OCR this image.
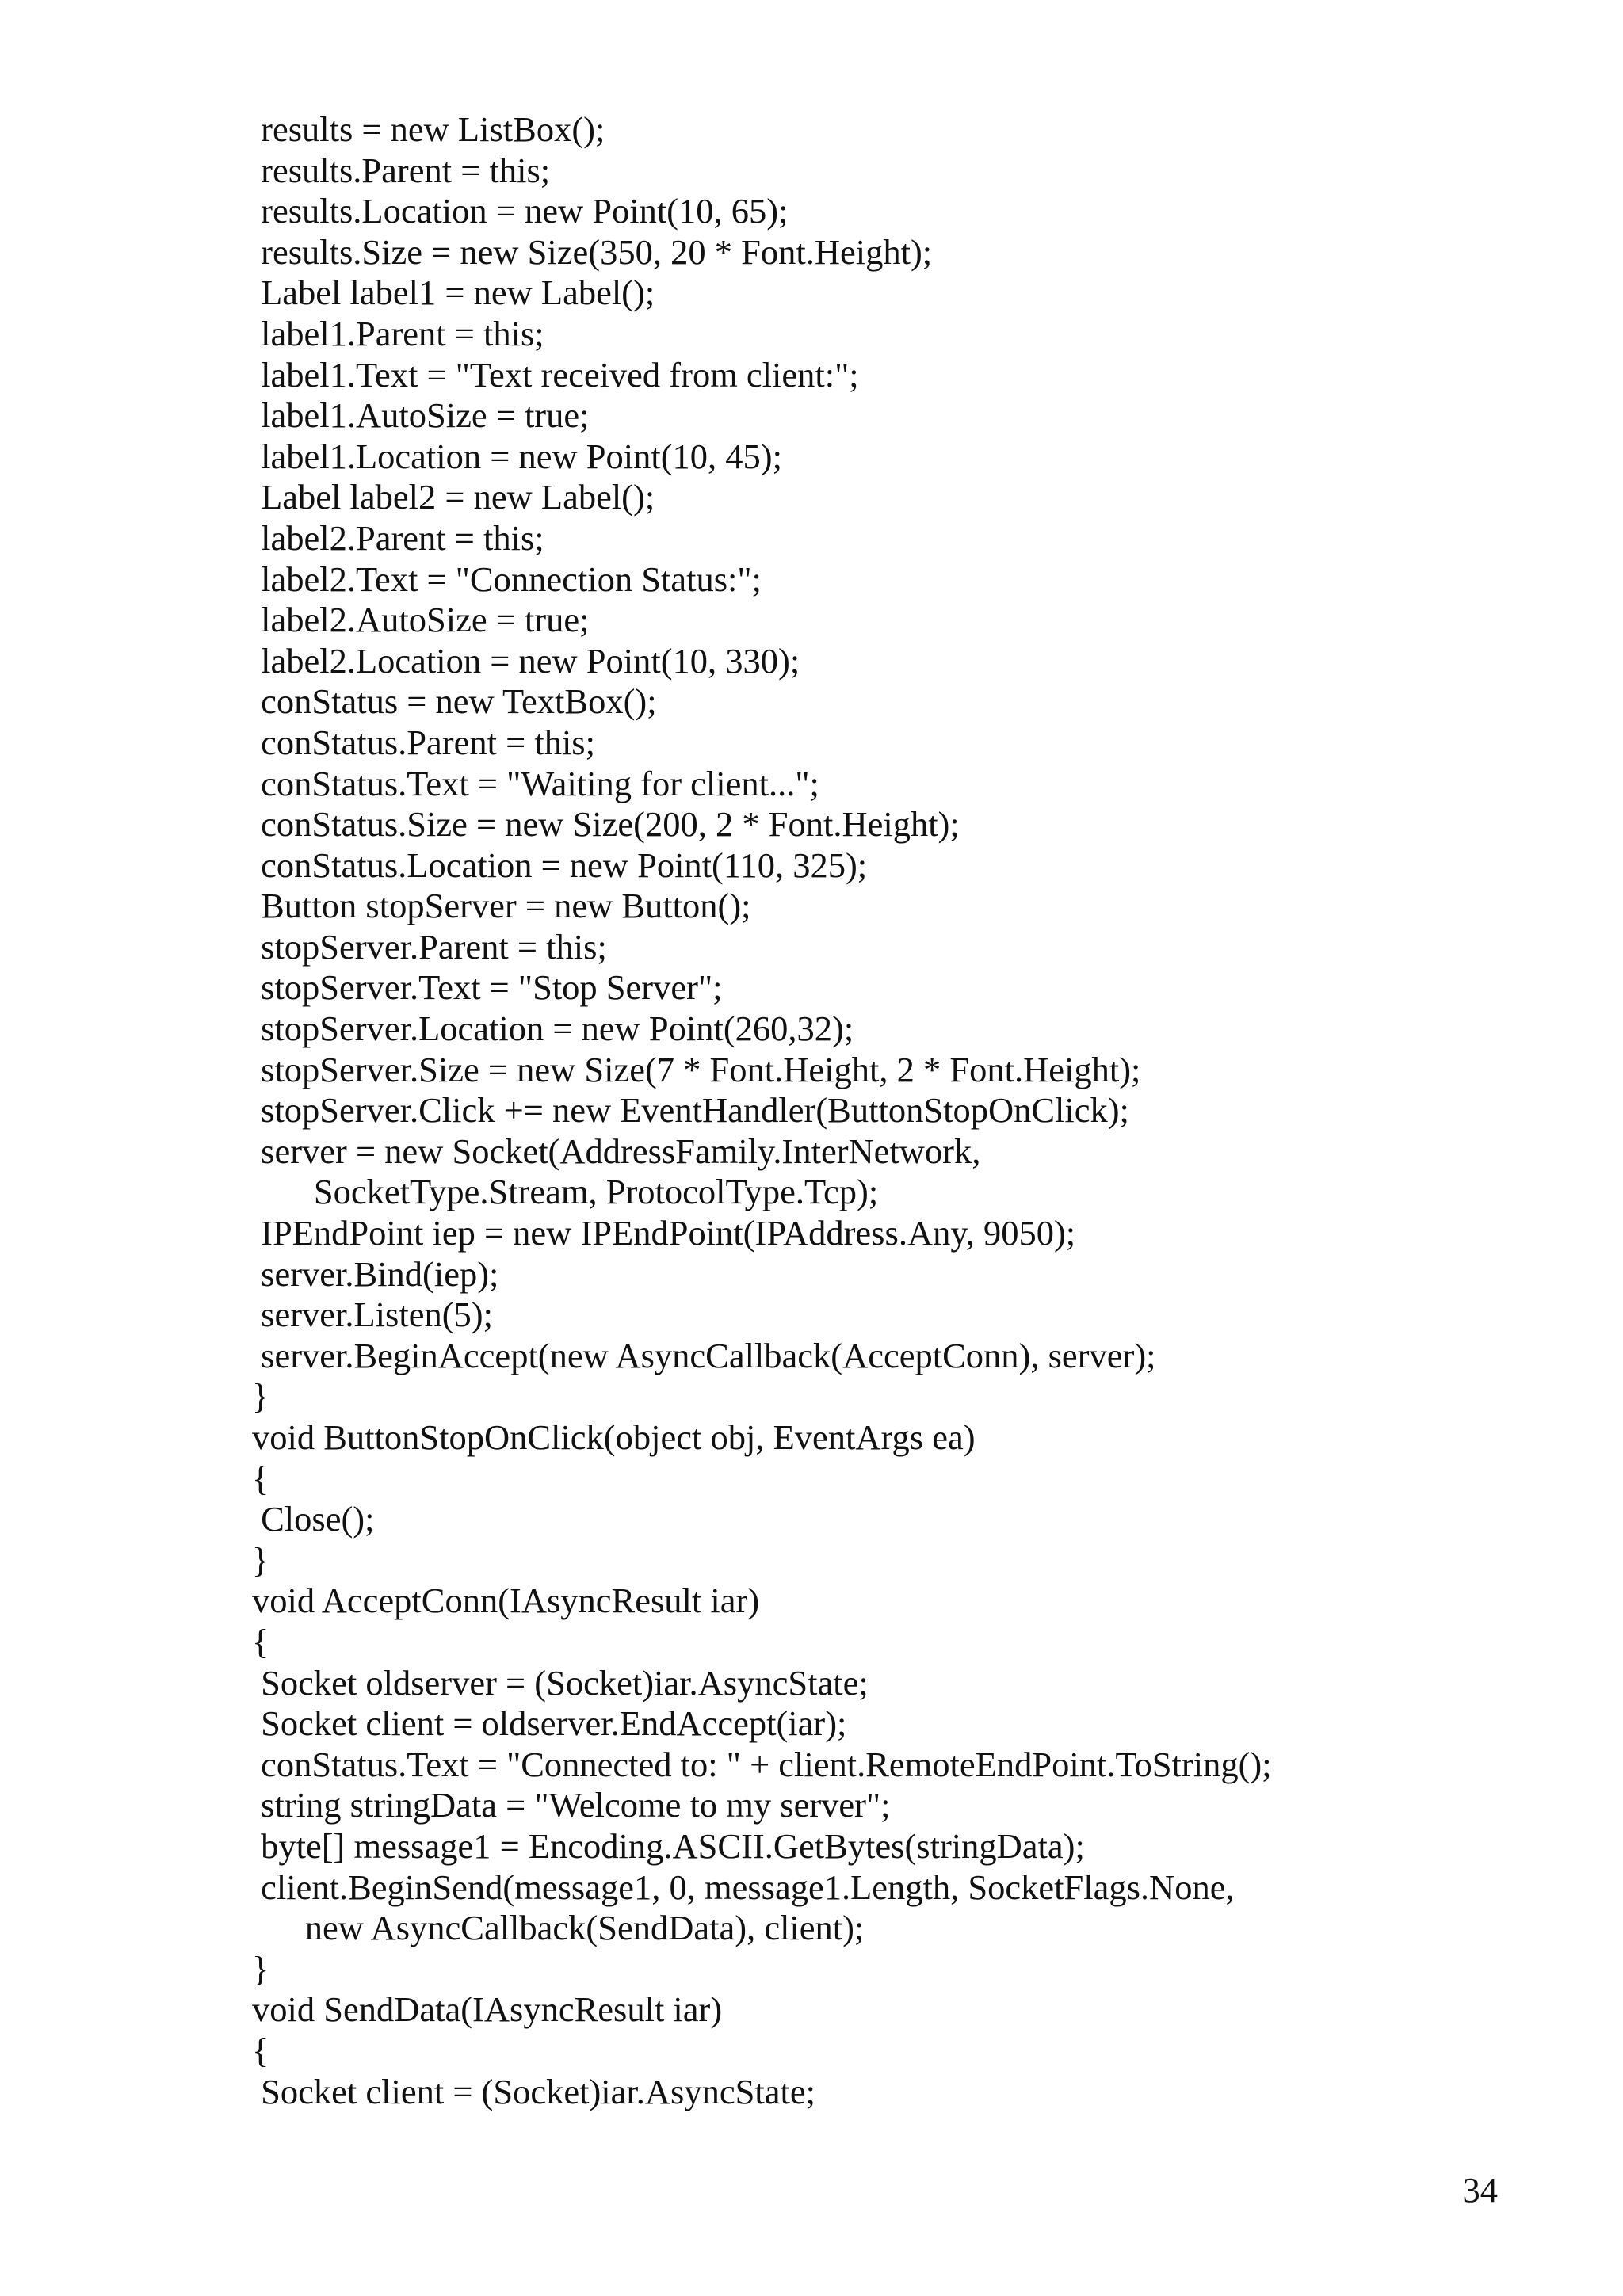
results = new ListBox();
results.Parent = this;
results.Location = new Point(10, 65);
results.Size = new Size(350, 20 * Font.Height);
Label label1 = new Label();
label1.Parent = this;
label1.Text = "Text received from client:";
label1.AutoSize = true;
label1.Location = new Point(10, 45);
Label label2 = new Label();
label2.Parent = this;
label2.Text = "Connection Status:";
label2.AutoSize = true;
label2.Location = new Point(10, 330);
conStatus = new TextBox();
conStatus.Parent = this;
conStatus.Text = "Waiting for client...";
conStatus.Size = new Size(200, 2 * Font.Height);
conStatus.Location = new Point(110, 325);
Button stopServer = new Button();
stopServer.Parent = this;
stopServer.Text = "Stop Server";
stopServer.Location = new Point(260,32);
stopServer.Size = new Size(7 * Font.Height, 2 * Font.Height);
stopServer.Click += new EventHandler(ButtonStopOnClick);
server = new Socket(AddressFamily.InterNetwork,
SocketType.Stream, ProtocolType.Tcp);
IPEndPoint iep = new IPEndPoint(IPAddress.Any, 9050);
server.Bind(iep);
server.Listen(5);
server.BeginAccept(new AsyncCallback(AcceptConn), server);
}
void ButtonStopOnClick(object obj, EventArgs ea)
{
Close();
}
void AcceptConn(IAsyncResult iar)
{
Socket oldserver = (Socket)iar.AsyncState;
Socket client = oldserver.EndAccept(iar);
conStatus.Text = "Connected to: " + client.RemoteEndPoint.ToString();
string stringData = "Welcome to my server";
byte[] message1 = Encoding.ASCII.GetBytes(stringData);
client.BeginSend(message1, 0, message1.Length, SocketFlags.None,
new AsyncCallback(SendData), client);
}
void SendData(IAsyncResult iar)
{
Socket client = (Socket)iar.AsyncState;
34
